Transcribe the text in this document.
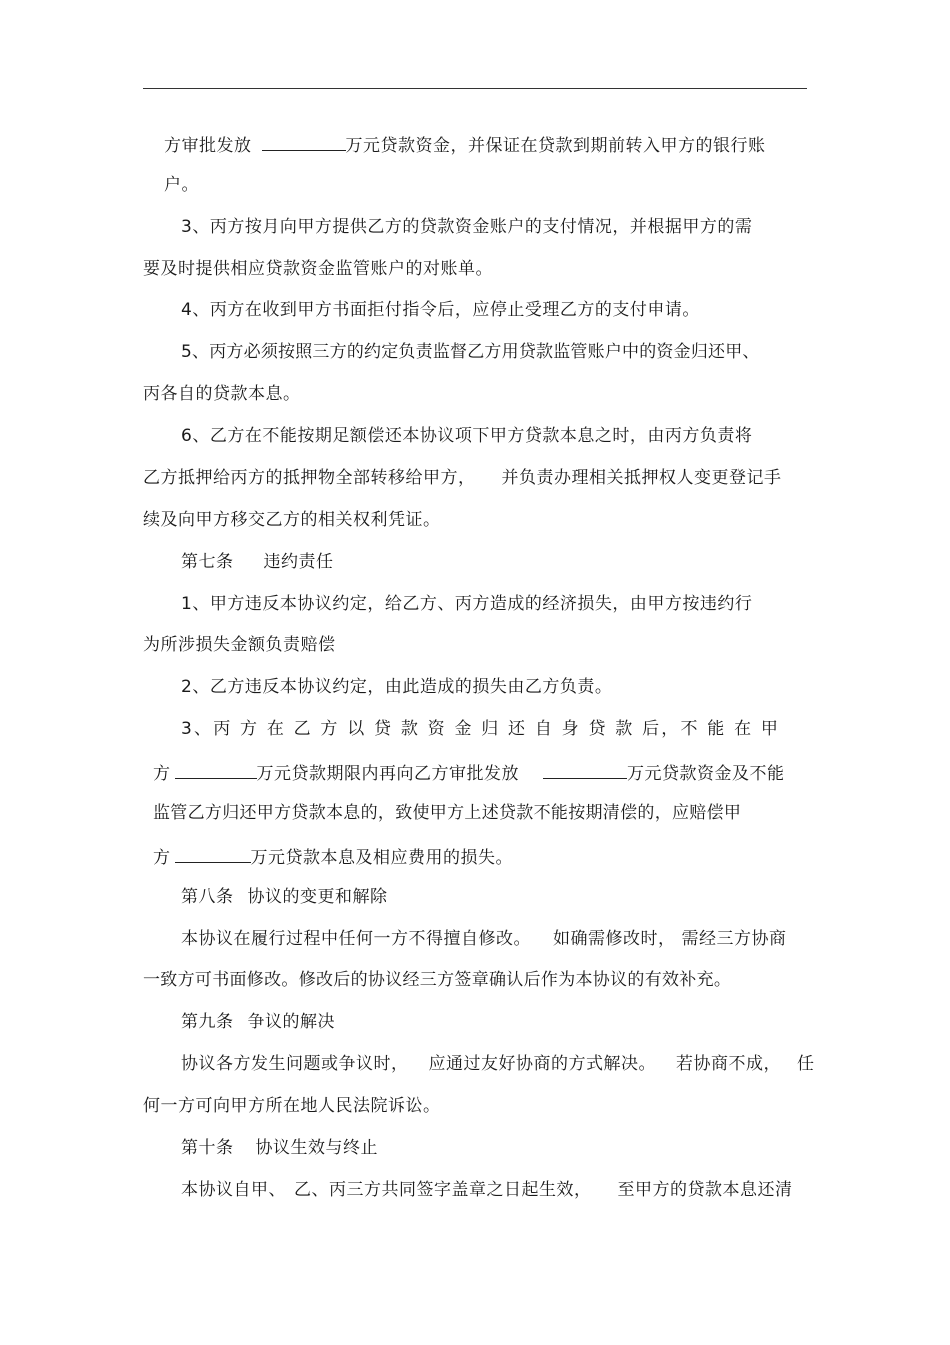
方审批发放	万元贷款资金，并保证在贷款到期前转入甲方的银行账
户。
3、丙方按月向甲方提供乙方的贷款资金账户的支付情况，并根据甲方的需
要及时提供相应贷款资金监管账户的对账单。
4、丙方在收到甲方书面拒付指令后，应停止受理乙方的支付申请。
5、丙方必须按照三方的约定负责监督乙方用贷款监管账户中的资金归还甲、
丙各自的贷款本息。
6、乙方在不能按期足额偿还本协议项下甲方贷款本息之时，由丙方负责将
乙方抵押给丙方的抵押物全部转移给甲方， 并负责办理相关抵押权人变更登记手
续及向甲方移交乙方的相关权利凭证。
第七条 违约责任
1、甲方违反本协议约定，给乙方、丙方造成的经济损失，由甲方按违约行
为所涉损失金额负责赔偿
2、乙方违反本协议约定，由此造成的损失由乙方负责。
3、丙 方 在 乙 方 以 贷 款 资 金 归 还 自 身 贷 款 后，不 能 在 甲
方	万元贷款期限内再向乙方审批发放	万元贷款资金及不能
监管乙方归还甲方贷款本息的，致使甲方上述贷款不能按期清偿的，应赔偿甲
方	万元贷款本息及相应费用的损失。
第八条 协议的变更和解除
本协议在履行过程中任何一方不得擅自修改。 如确需修改时， 需经三方协商
一致方可书面修改。修改后的协议经三方签章确认后作为本协议的有效补充。
第九条 争议的解决
协议各方发生问题或争议时， 应通过友好协商的方式解决。 若协商不成， 任
何一方可向甲方所在地人民法院诉讼。
第十条 协议生效与终止
本协议自甲、 乙、丙三方共同签字盖章之日起生效， 至甲方的贷款本息还清
